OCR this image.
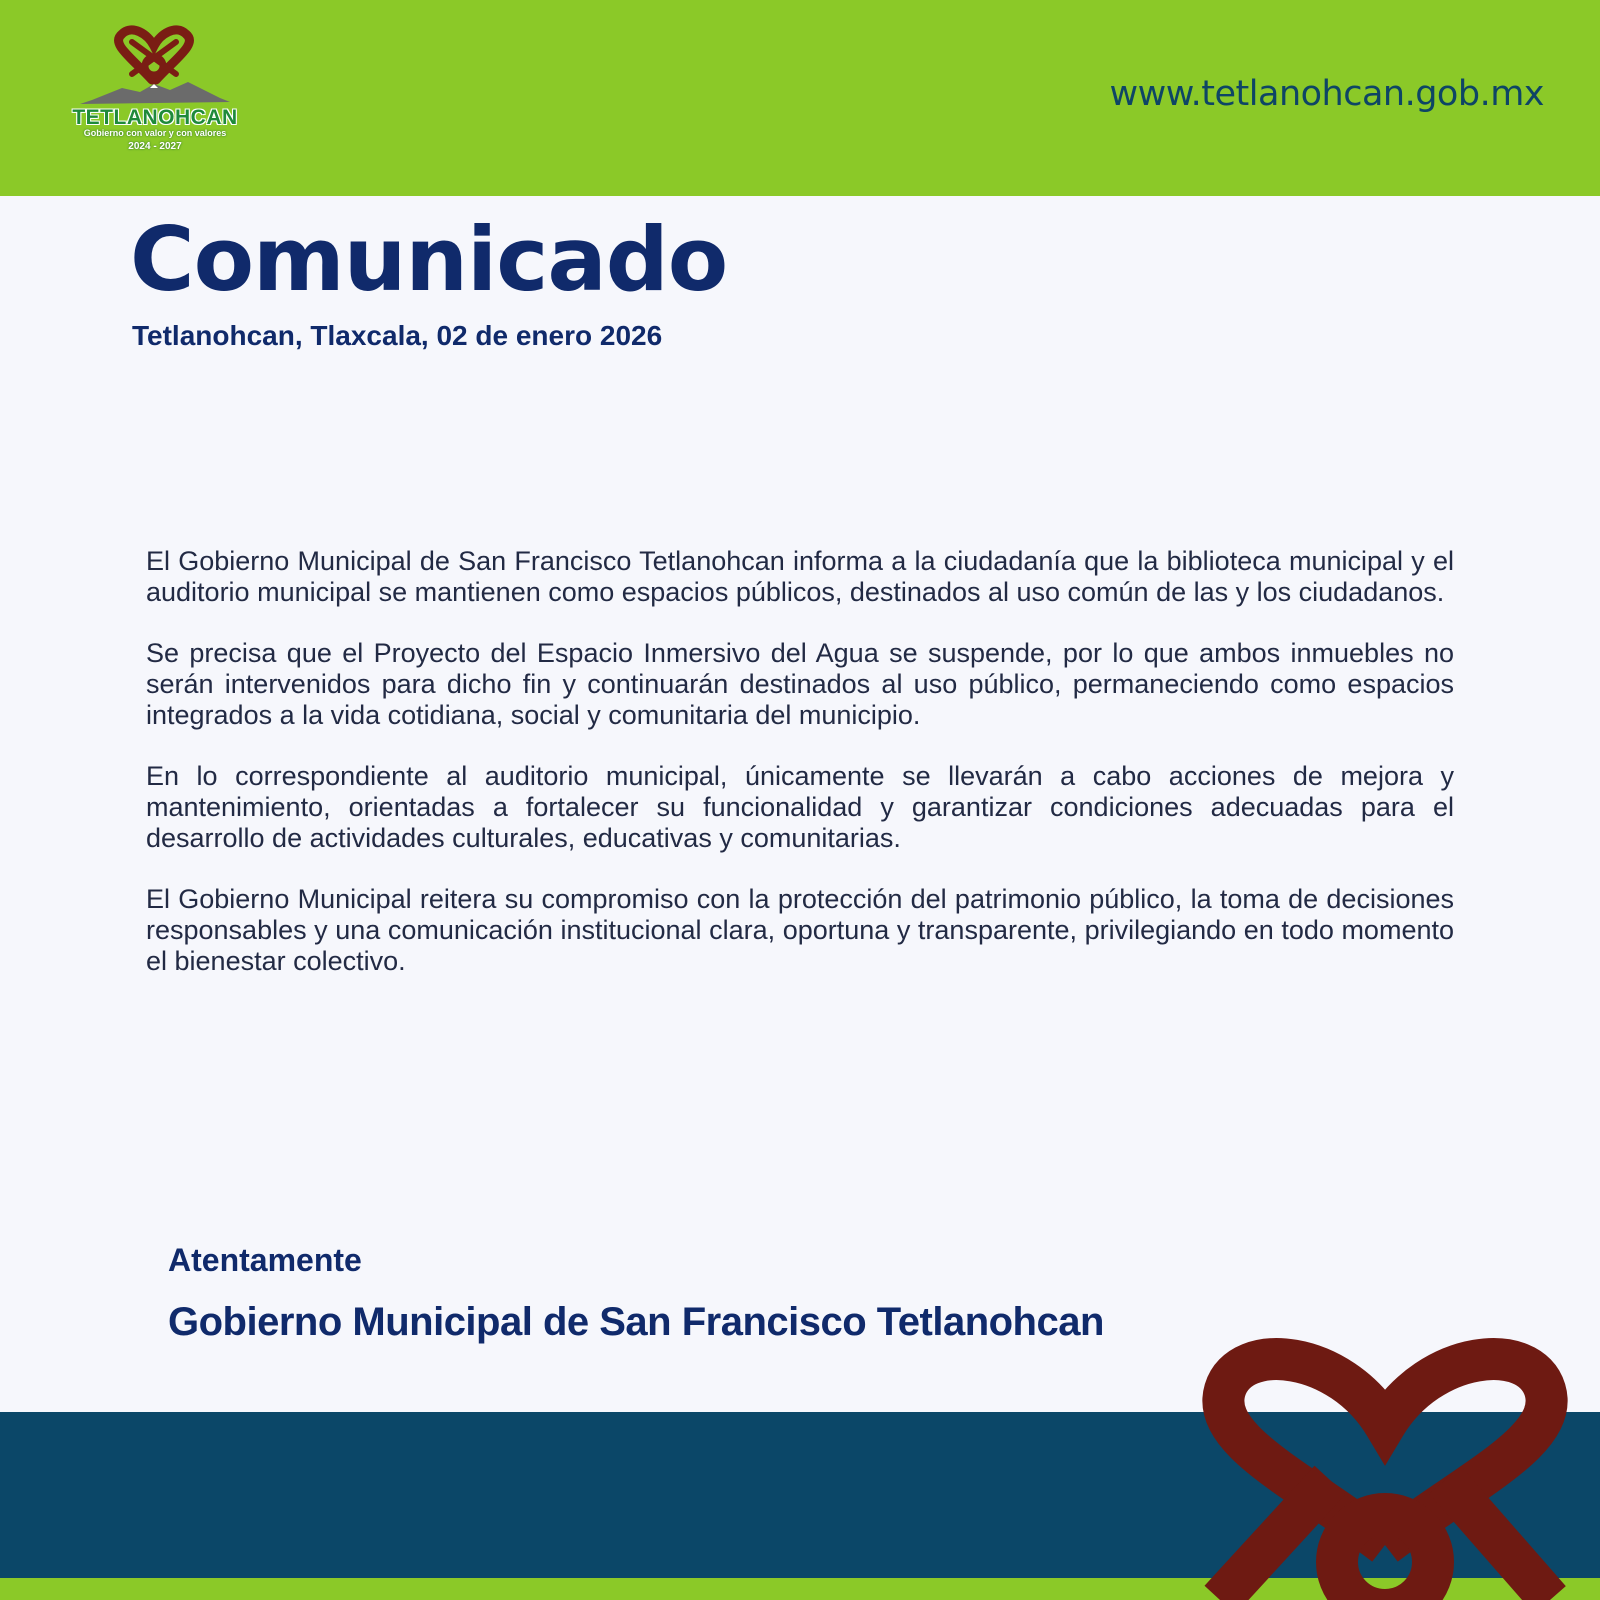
TETLANOHCAN
Gobierno con valor y con valores
2024 - 2027
www.tetlanohcan.gob.mx
Comunicado
Tetlanohcan, Tlaxcala, 02 de enero 2026

El Gobierno Municipal de San Francisco Tetlanohcan informa a la ciudadanía que la biblioteca municipal y el auditorio municipal se mantienen como espacios públicos, destinados al uso común de las y los ciudadanos.

Se precisa que el Proyecto del Espacio Inmersivo del Agua se suspende, por lo que ambos inmuebles no serán intervenidos para dicho fin y continuarán destinados al uso público, permaneciendo como espacios integrados a la vida cotidiana, social y comunitaria del municipio.

En lo correspondiente al auditorio municipal, únicamente se llevarán a cabo acciones de mejora y mantenimiento, orientadas a fortalecer su funcionalidad y garantizar condiciones adecuadas para el desarrollo de actividades culturales, educativas y comunitarias.

El Gobierno Municipal reitera su compromiso con la protección del patrimonio público, la toma de decisiones responsables y una comunicación institucional clara, oportuna y transparente, privilegiando en todo momento el bienestar colectivo.

Atentamente
Gobierno Municipal de San Francisco Tetlanohcan
